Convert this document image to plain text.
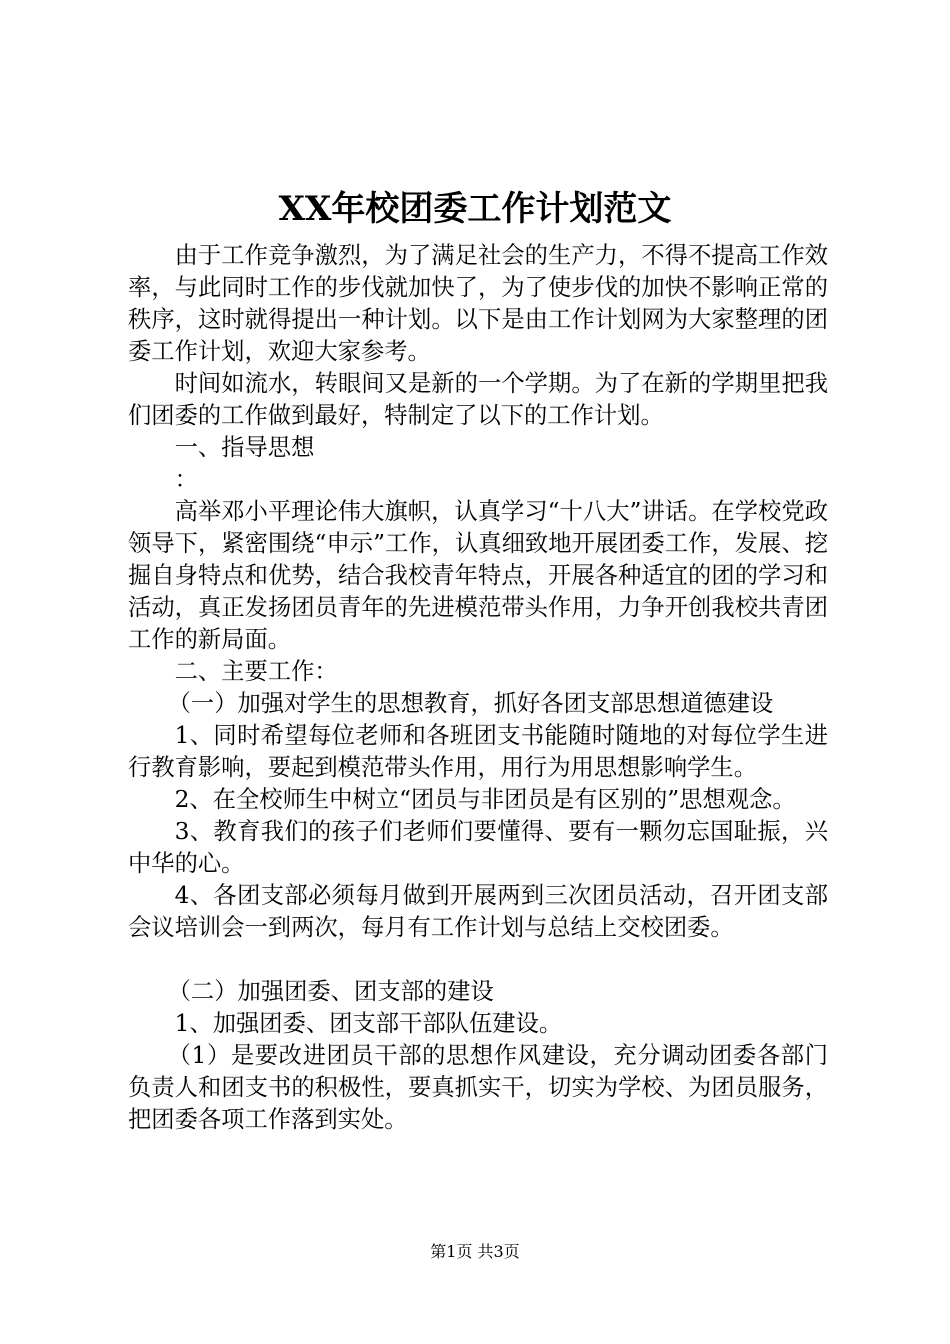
XX年校团委工作计划范文

由于工作竞争激烈，为了满足社会的生产力，不得不提高工作效率，与此同时工作的步伐就加快了，为了使步伐的加快不影响正常的秩序，这时就得提出一种计划。以下是由工作计划网为大家整理的团委工作计划，欢迎大家参考。

时间如流水，转眼间又是新的一个学期。为了在新的学期里把我们团委的工作做到最好，特制定了以下的工作计划。

一、指导思想

：

高举邓小平理论伟大旗帜，认真学习“十八大”讲话。在学校党政领导下，紧密围绕“申示”工作，认真细致地开展团委工作，发展、挖掘自身特点和优势，结合我校青年特点，开展各种适宜的团的学习和活动，真正发扬团员青年的先进模范带头作用，力争开创我校共青团工作的新局面。

二、主要工作：

（一）加强对学生的思想教育，抓好各团支部思想道德建设

1、同时希望每位老师和各班团支书能随时随地的对每位学生进行教育影响，要起到模范带头作用，用行为用思想影响学生。

2、在全校师生中树立“团员与非团员是有区别的”思想观念。

3、教育我们的孩子们老师们要懂得、要有一颗勿忘国耻振，兴中华的心。

4、各团支部必须每月做到开展两到三次团员活动，召开团支部会议培训会一到两次，每月有工作计划与总结上交校团委。

（二）加强团委、团支部的建设

1、加强团委、团支部干部队伍建设。

（1）是要改进团员干部的思想作风建设，充分调动团委各部门负责人和团支书的积极性，要真抓实干，切实为学校、为团员服务，把团委各项工作落到实处。

第1页 共3页
